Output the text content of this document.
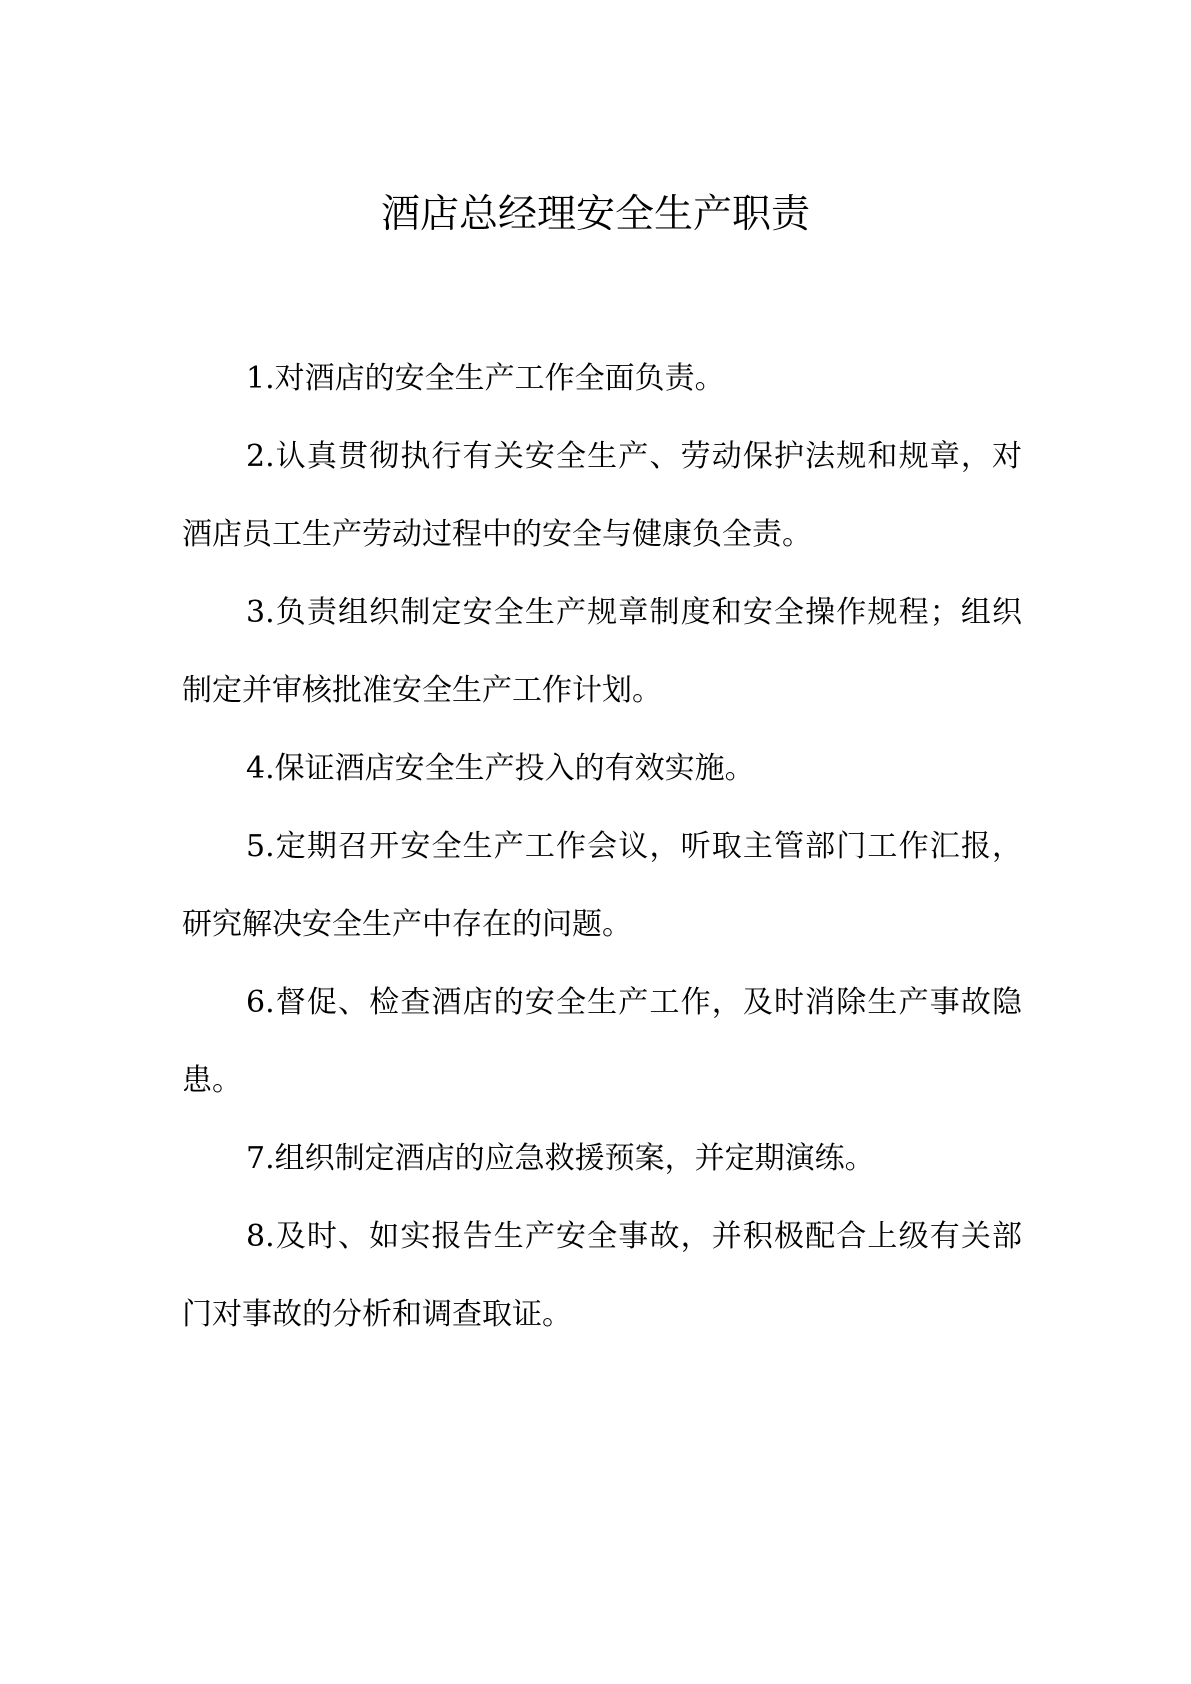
酒店总经理安全生产职责

1.对酒店的安全生产工作全面负责。

2.认真贯彻执行有关安全生产、劳动保护法规和规章，对酒店员工生产劳动过程中的安全与健康负全责。

3.负责组织制定安全生产规章制度和安全操作规程；组织制定并审核批准安全生产工作计划。

4.保证酒店安全生产投入的有效实施。

5.定期召开安全生产工作会议，听取主管部门工作汇报，研究解决安全生产中存在的问题。

6.督促、检查酒店的安全生产工作，及时消除生产事故隐患。

7.组织制定酒店的应急救援预案，并定期演练。

8.及时、如实报告生产安全事故，并积极配合上级有关部门对事故的分析和调查取证。
